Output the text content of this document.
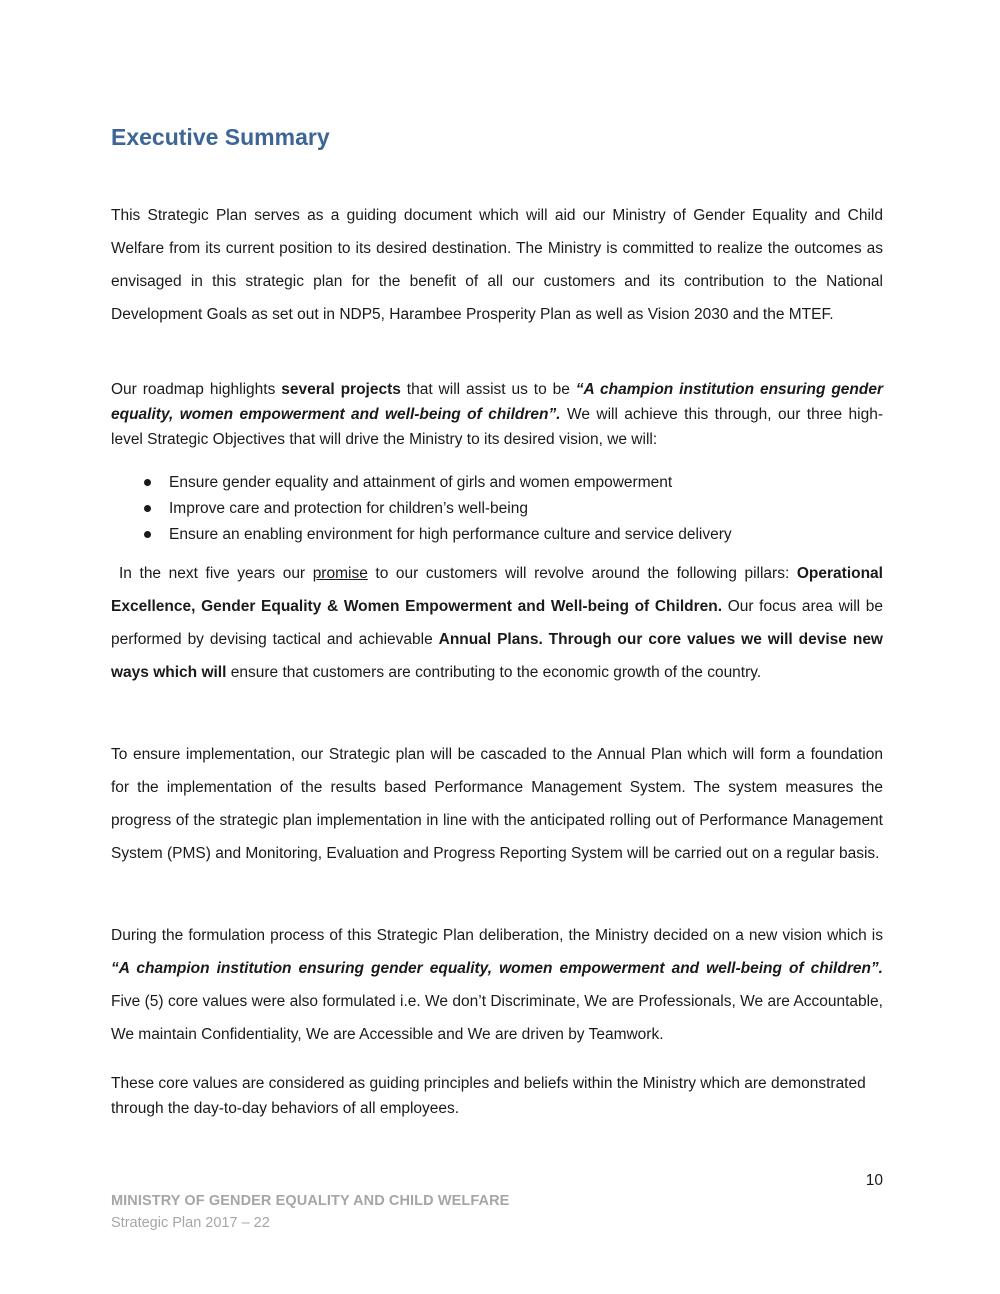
Executive Summary

This Strategic Plan serves as a guiding document which will aid our Ministry of Gender Equality and Child Welfare from its current position to its desired destination. The Ministry is committed to realize the outcomes as envisaged in this strategic plan for the benefit of all our customers and its contribution to the National Development Goals as set out in NDP5, Harambee Prosperity Plan as well as Vision 2030 and the MTEF.

Our roadmap highlights several projects that will assist us to be “A champion institution ensuring gender equality, women empowerment and well-being of children”. We will achieve this through, our three high-level Strategic Objectives that will drive the Ministry to its desired vision, we will:

Ensure gender equality and attainment of girls and women empowerment
Improve care and protection for children’s well-being
Ensure an enabling environment for high performance culture and service delivery

In the next five years our promise to our customers will revolve around the following pillars: Operational Excellence, Gender Equality & Women Empowerment and Well-being of Children. Our focus area will be performed by devising tactical and achievable Annual Plans. Through our core values we will devise new ways which will ensure that customers are contributing to the economic growth of the country.

To ensure implementation, our Strategic plan will be cascaded to the Annual Plan which will form a foundation for the implementation of the results based Performance Management System. The system measures the progress of the strategic plan implementation in line with the anticipated rolling out of Performance Management System (PMS) and Monitoring, Evaluation and Progress Reporting System will be carried out on a regular basis.

During the formulation process of this Strategic Plan deliberation, the Ministry decided on a new vision which is “A champion institution ensuring gender equality, women empowerment and well-being of children”. Five (5) core values were also formulated i.e. We don’t Discriminate, We are Professionals, We are Accountable, We maintain Confidentiality, We are Accessible and We are driven by Teamwork.

These core values are considered as guiding principles and beliefs within the Ministry which are demonstrated through the day-to-day behaviors of all employees.

10
MINISTRY OF GENDER EQUALITY AND CHILD WELFARE
Strategic Plan 2017 – 22
